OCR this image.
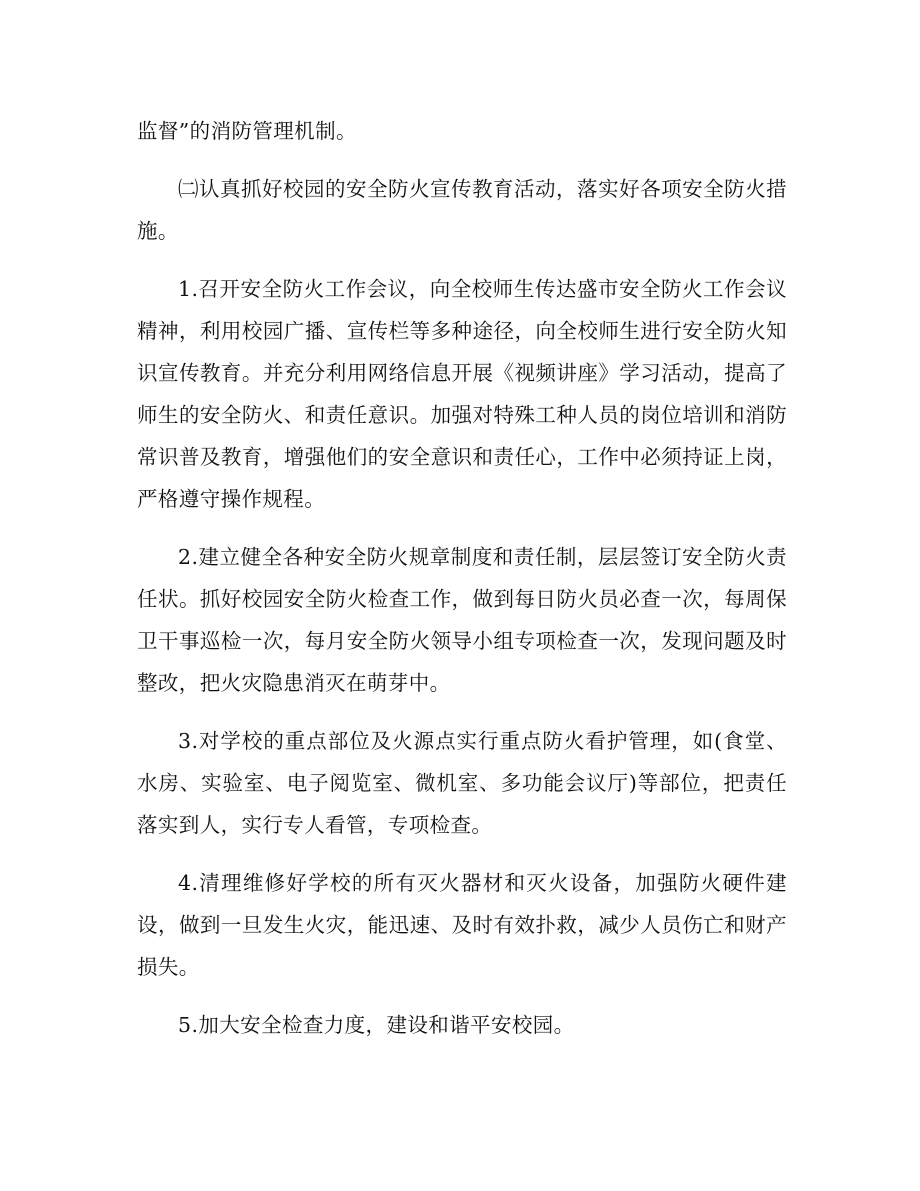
监督”的消防管理机制。

㈡认真抓好校园的安全防火宣传教育活动，落实好各项安全防火措施。

1.召开安全防火工作会议，向全校师生传达盛市安全防火工作会议精神，利用校园广播、宣传栏等多种途径，向全校师生进行安全防火知识宣传教育。并充分利用网络信息开展《视频讲座》学习活动，提高了师生的安全防火、和责任意识。加强对特殊工种人员的岗位培训和消防常识普及教育，增强他们的安全意识和责任心，工作中必须持证上岗，严格遵守操作规程。

2.建立健全各种安全防火规章制度和责任制，层层签订安全防火责任状。抓好校园安全防火检查工作，做到每日防火员必查一次，每周保卫干事巡检一次，每月安全防火领导小组专项检查一次，发现问题及时整改，把火灾隐患消灭在萌芽中。

3.对学校的重点部位及火源点实行重点防火看护管理，如(食堂、水房、实验室、电子阅览室、微机室、多功能会议厅)等部位，把责任落实到人，实行专人看管，专项检查。

4.清理维修好学校的所有灭火器材和灭火设备，加强防火硬件建设，做到一旦发生火灾，能迅速、及时有效扑救，减少人员伤亡和财产损失。

5.加大安全检查力度，建设和谐平安校园。
